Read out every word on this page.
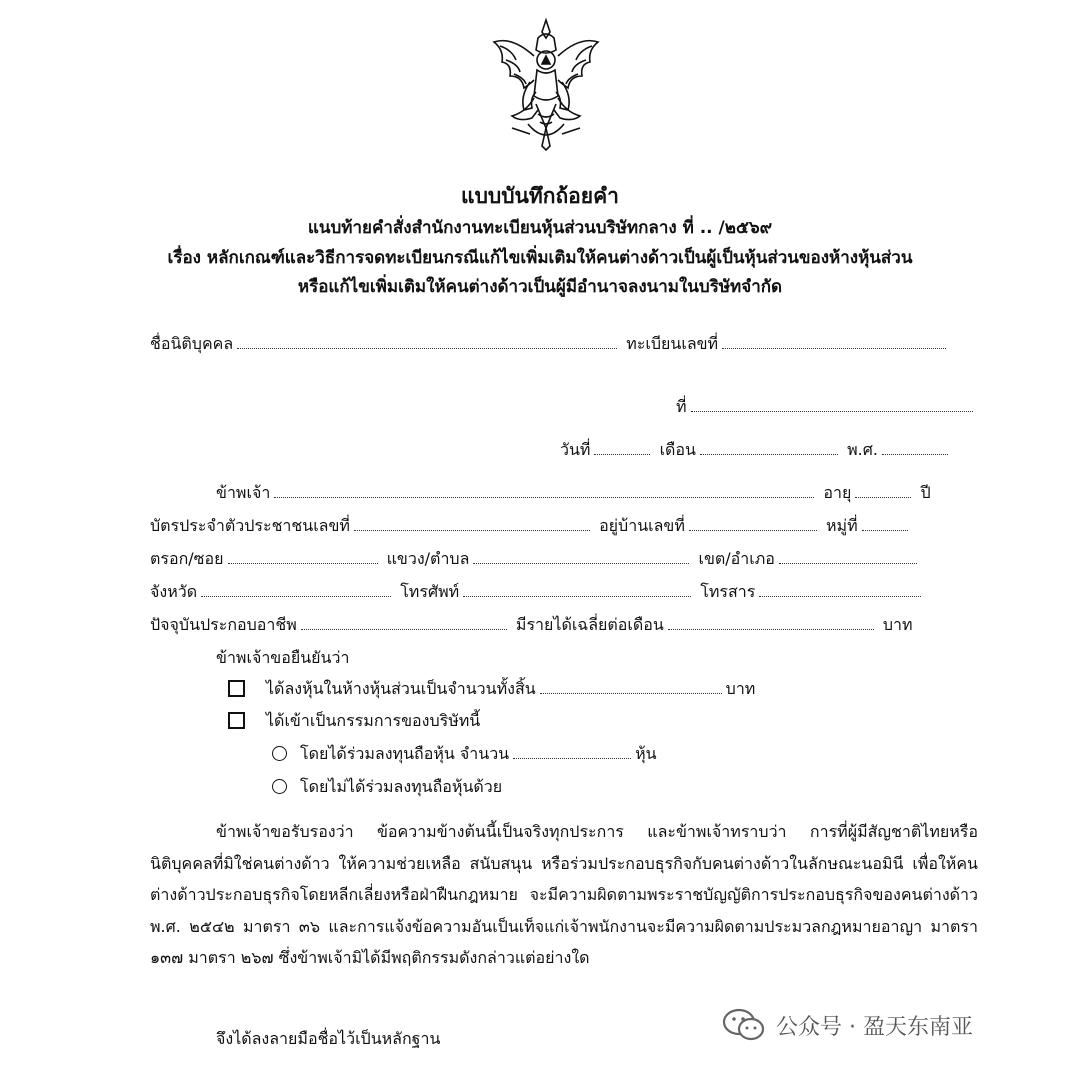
แบบบันทึกถ้อยคำ
แนบท้ายคำสั่งสำนักงานทะเบียนหุ้นส่วนบริษัทกลาง ที่ .. /๒๕๖๙
เรื่อง หลักเกณฑ์และวิธีการจดทะเบียนกรณีแก้ไขเพิ่มเติมให้คนต่างด้าวเป็นผู้เป็นหุ้นส่วนของห้างหุ้นส่วน
หรือแก้ไขเพิ่มเติมให้คนต่างด้าวเป็นผู้มีอำนาจลงนามในบริษัทจำกัด
ชื่อนิติบุคคล	ทะเบียนเลขที่
ที่
วันที่	เดือน	พ.ศ.
ข้าพเจ้า	อายุ	ปี
บัตรประจำตัวประชาชนเลขที่	อยู่บ้านเลขที่	หมู่ที่
ตรอก/ซอย	แขวง/ตำบล	เขต/อำเภอ
จังหวัด	โทรศัพท์	โทรสาร
ปัจจุบันประกอบอาชีพ	มีรายได้เฉลี่ยต่อเดือน	บาท
ข้าพเจ้าขอยืนยันว่า
ได้ลงหุ้นในห้างหุ้นส่วนเป็นจำนวนทั้งสิ้น	บาท
ได้เข้าเป็นกรรมการของบริษัทนี้
โดยได้ร่วมลงทุนถือหุ้น จำนวน	หุ้น
โดยไม่ได้ร่วมลงทุนถือหุ้นด้วย
ข้าพเจ้าขอรับรองว่า ข้อความข้างต้นนี้เป็นจริงทุกประการ และข้าพเจ้าทราบว่า การที่ผู้มีสัญชาติไทยหรือนิติบุคคลที่มิใช่คนต่างด้าว ให้ความช่วยเหลือ สนับสนุน หรือร่วมประกอบธุรกิจกับคนต่างด้าวในลักษณะนอมินี เพื่อให้คนต่างด้าวประกอบธุรกิจโดยหลีกเลี่ยงหรือฝ่าฝืนกฎหมาย จะมีความผิดตามพระราชบัญญัติการประกอบธุรกิจของคนต่างด้าว พ.ศ. ๒๕๔๒ มาตรา ๓๖ และการแจ้งข้อความอันเป็นเท็จแก่เจ้าพนักงานจะมีความผิดตามประมวลกฎหมายอาญา มาตรา ๑๓๗ มาตรา ๒๖๗ ซึ่งข้าพเจ้ามิได้มีพฤติกรรมดังกล่าวแต่อย่างใด
จึงได้ลงลายมือชื่อไว้เป็นหลักฐาน	公众号 · 盈天东南亚
